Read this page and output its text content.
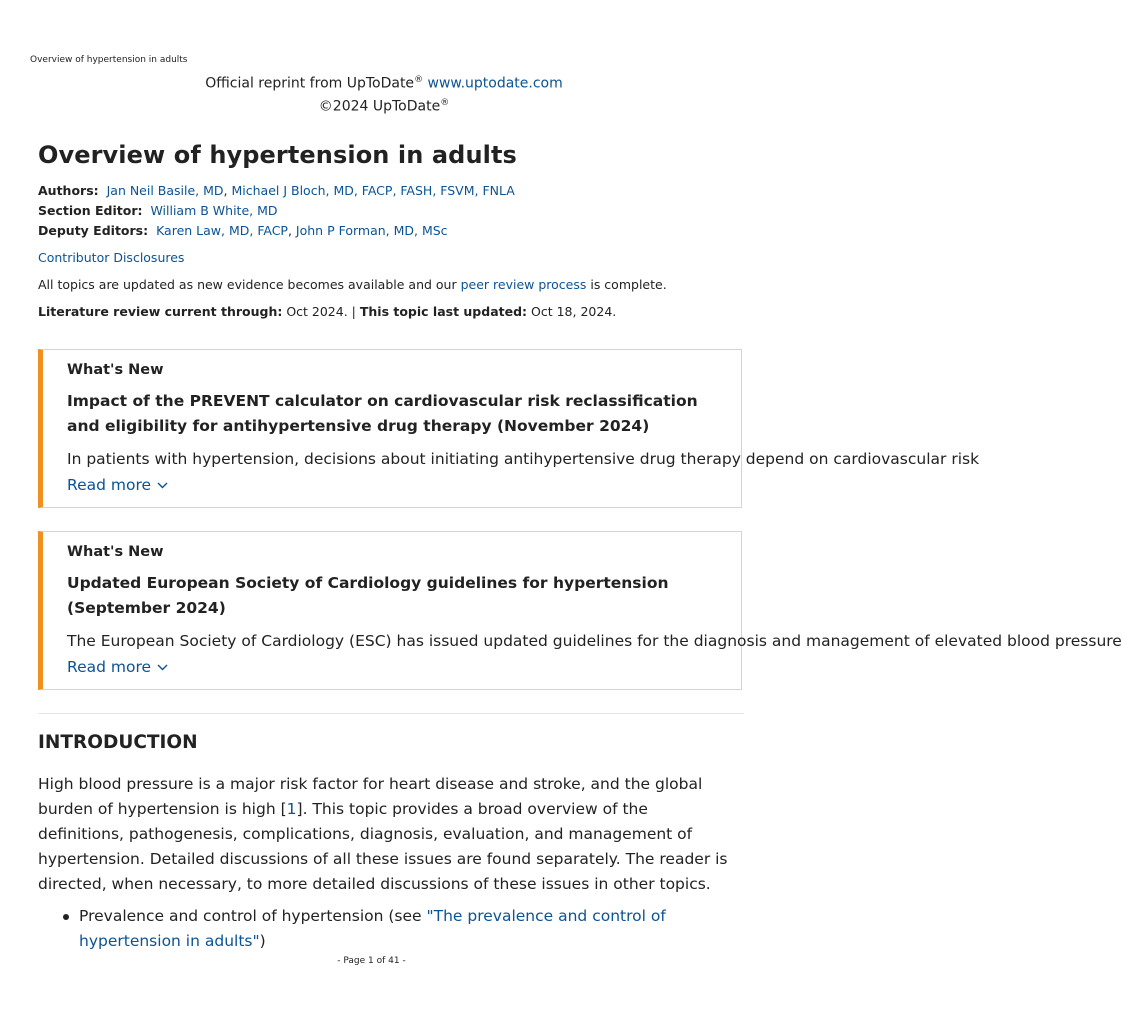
Overview of hypertension in adults
Official reprint from UpToDate® www.uptodate.com
©2024 UpToDate®
Overview of hypertension in adults
Authors: Jan Neil Basile, MD, Michael J Bloch, MD, FACP, FASH, FSVM, FNLA
Section Editor: William B White, MD
Deputy Editors: Karen Law, MD, FACP, John P Forman, MD, MSc
Contributor Disclosures
All topics are updated as new evidence becomes available and our peer review process is complete.
Literature review current through: Oct 2024. | This topic last updated: Oct 18, 2024.
What's New
Impact of the PREVENT calculator on cardiovascular risk reclassification and eligibility for antihypertensive drug therapy (November 2024)
In patients with hypertension, decisions about initiating antihypertensive drug therapy depend on cardiovascular risk
Read more
What's New
Updated European Society of Cardiology guidelines for hypertension (September 2024)
The European Society of Cardiology (ESC) has issued updated guidelines for the diagnosis and management of elevated blood pressure
Read more
INTRODUCTION
High blood pressure is a major risk factor for heart disease and stroke, and the global burden of hypertension is high [1]. This topic provides a broad overview of the definitions, pathogenesis, complications, diagnosis, evaluation, and management of hypertension. Detailed discussions of all these issues are found separately. The reader is directed, when necessary, to more detailed discussions of these issues in other topics.
Prevalence and control of hypertension (see "The prevalence and control of hypertension in adults")
- Page 1 of 41 -
